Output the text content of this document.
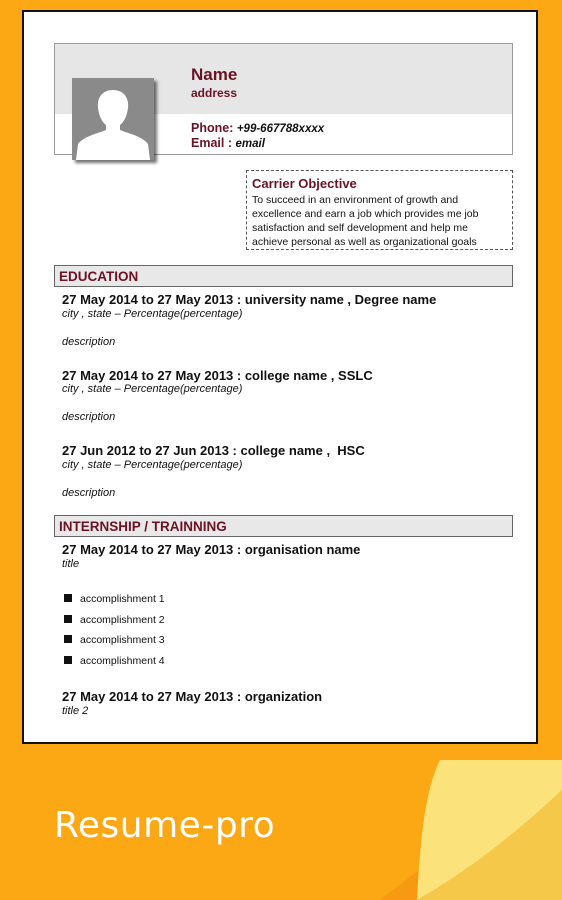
Name
address
Phone: +99-667788xxxx
Email : email
Carrier Objective
To succeed in an environment of growth and excellence and earn a job which provides me job satisfaction and self development and help me achieve personal as well as organizational goals
EDUCATION
27 May 2014 to 27 May 2013 : university name , Degree name
city , state – Percentage(percentage)
description
27 May 2014 to 27 May 2013 : college name , SSLC
city , state – Percentage(percentage)
description
27 Jun 2012 to 27 Jun 2013 : college name ,  HSC
city , state – Percentage(percentage)
description
INTERNSHIP / TRAINNING
27 May 2014 to 27 May 2013 : organisation name
title
accomplishment 1
accomplishment 2
accomplishment 3
accomplishment 4
27 May 2014 to 27 May 2013 : organization
title 2
Resume-pro
